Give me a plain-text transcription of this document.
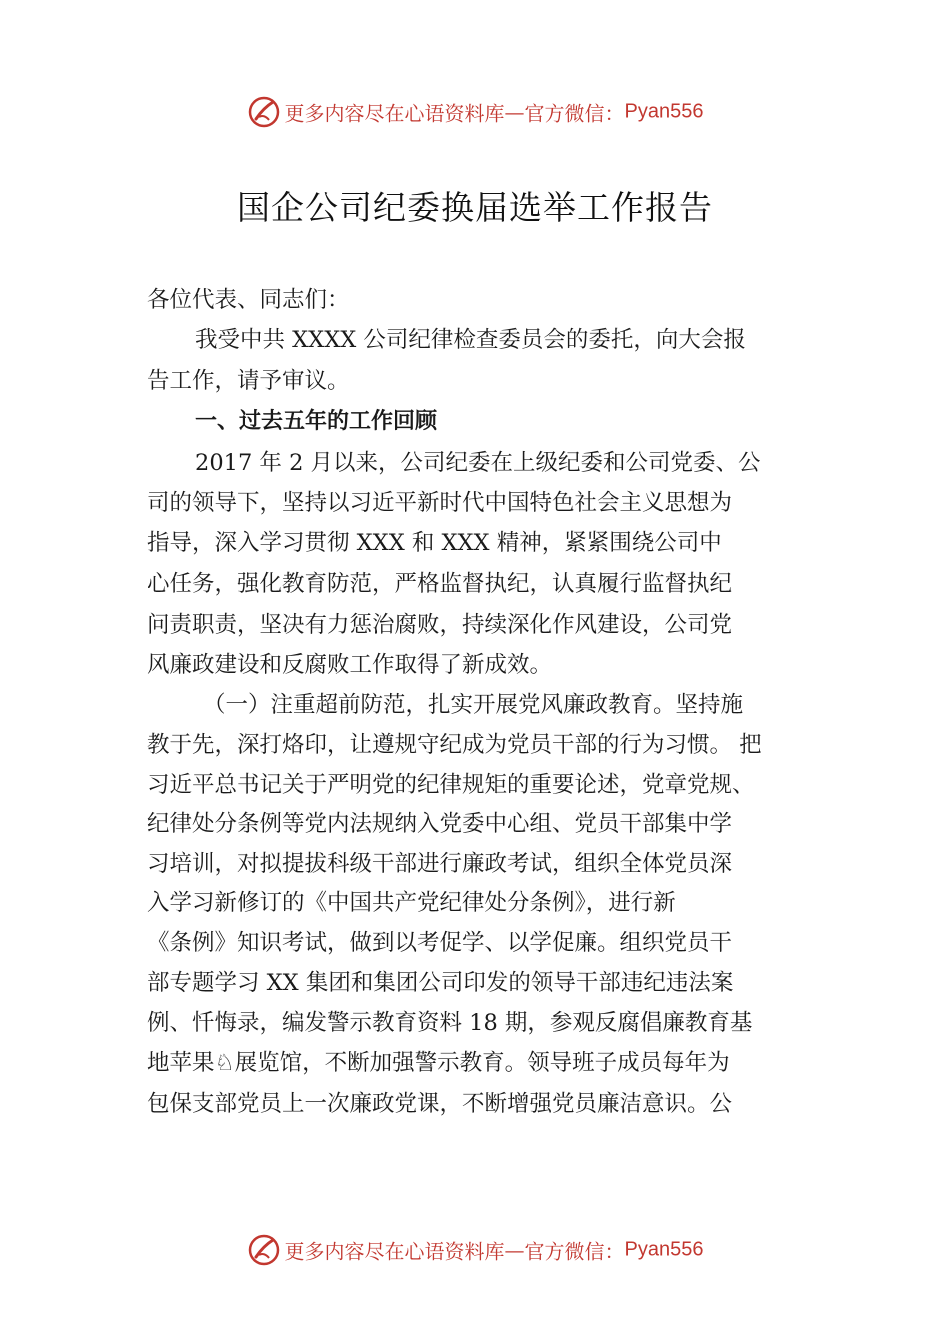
更多内容尽在心语资料库—官方微信：Pyan556
国企公司纪委换届选举工作报告
各位代表、同志们：
我受中共 XXXX 公司纪律检查委员会的委托，向大会报
告工作，请予审议。
一、过去五年的工作回顾
2017 年 2 月以来，公司纪委在上级纪委和公司党委、公
司的领导下，坚持以习近平新时代中国特色社会主义思想为
指导，深入学习贯彻 XXX 和 XXX 精神，紧紧围绕公司中
心任务，强化教育防范，严格监督执纪，认真履行监督执纪
问责职责，坚决有力惩治腐败，持续深化作风建设，公司党
风廉政建设和反腐败工作取得了新成效。
（一）注重超前防范，扎实开展党风廉政教育。坚持施
教于先，深打烙印，让遵规守纪成为党员干部的行为习惯。 把
习近平总书记关于严明党的纪律规矩的重要论述，党章党规、
纪律处分条例等党内法规纳入党委中心组、党员干部集中学
习培训，对拟提拔科级干部进行廉政考试，组织全体党员深
入学习新修订的《中国共产党纪律处分条例》，进行新
《条例》知识考试，做到以考促学、以学促廉。组织党员干
部专题学习 XX 集团和集团公司印发的领导干部违纪违法案
例、忏悔录，编发警示教育资料 18 期，参观反腐倡廉教育基
地苹果♘展览馆，不断加强警示教育。领导班子成员每年为
包保支部党员上一次廉政党课，不断增强党员廉洁意识。公
更多内容尽在心语资料库—官方微信：Pyan556
